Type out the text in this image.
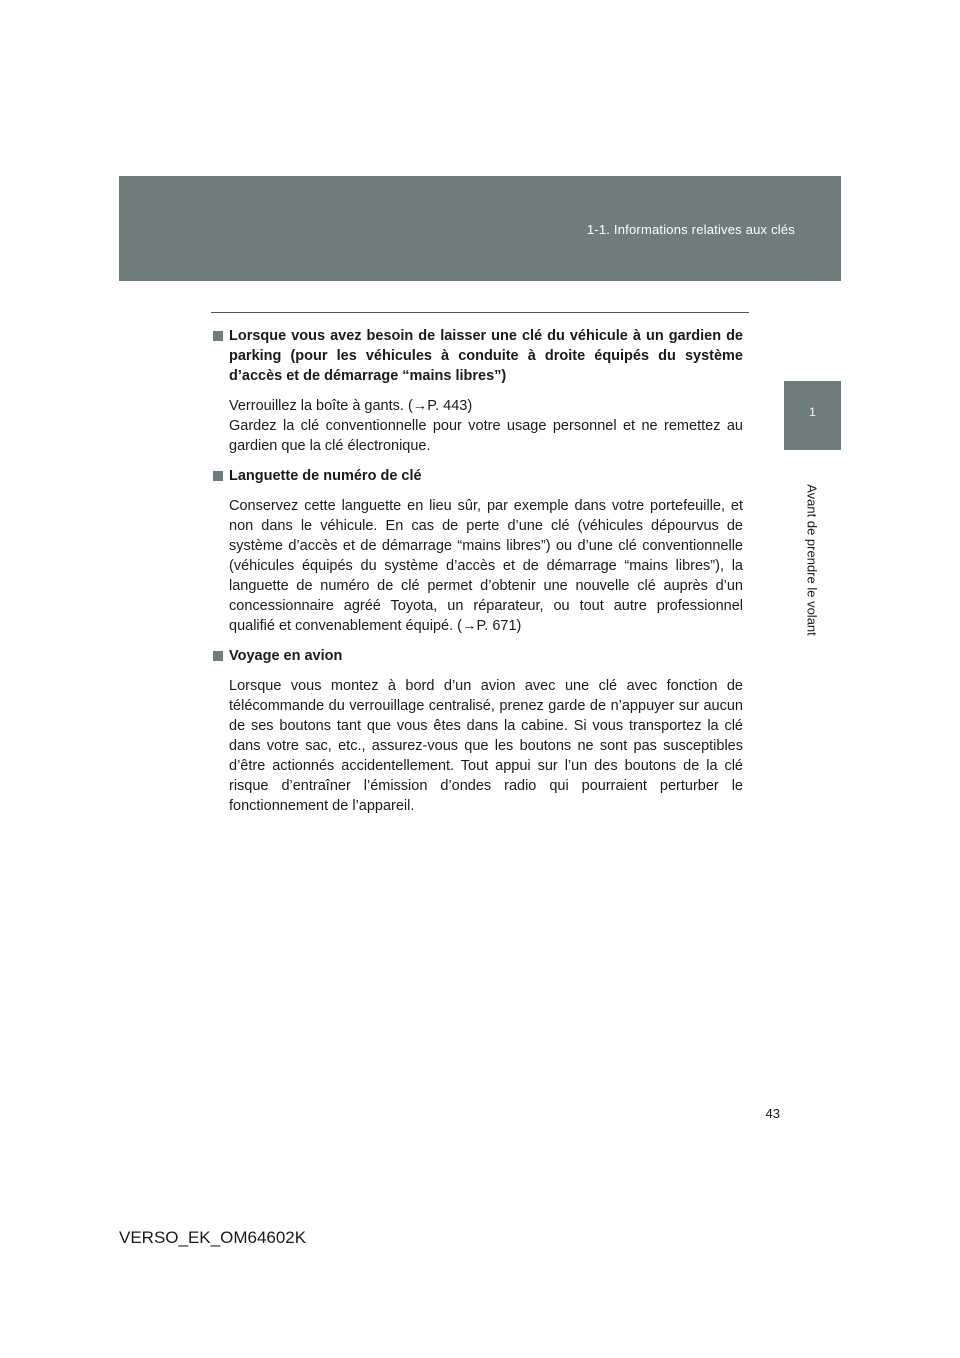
1-1. Informations relatives aux clés
1
Avant de prendre le volant

Lorsque vous avez besoin de laisser une clé du véhicule à un gardien de parking (pour les véhicules à conduite à droite équipés du système d’accès et de démarrage “mains libres”)

Verrouillez la boîte à gants. (→P. 443)

Gardez la clé conventionnelle pour votre usage personnel et ne remettez au gardien que la clé électronique.

Languette de numéro de clé

Conservez cette languette en lieu sûr, par exemple dans votre portefeuille, et non dans le véhicule. En cas de perte d’une clé (véhicules dépourvus de système d’accès et de démarrage “mains libres”) ou d’une clé conventionnelle (véhicules équipés du système d’accès et de démarrage “mains libres”), la languette de numéro de clé permet d’obtenir une nouvelle clé auprès d’un concessionnaire agréé Toyota, un réparateur, ou tout autre professionnel qualifié et convenablement équipé. (→P. 671)

Voyage en avion

Lorsque vous montez à bord d’un avion avec une clé avec fonction de télécommande du verrouillage centralisé, prenez garde de n’appuyer sur aucun de ses boutons tant que vous êtes dans la cabine. Si vous transportez la clé dans votre sac, etc., assurez-vous que les boutons ne sont pas susceptibles d’être actionnés accidentellement. Tout appui sur l’un des boutons de la clé risque d’entraîner l’émission d’ondes radio qui pourraient perturber le fonctionnement de l’appareil.

43
VERSO_EK_OM64602K
